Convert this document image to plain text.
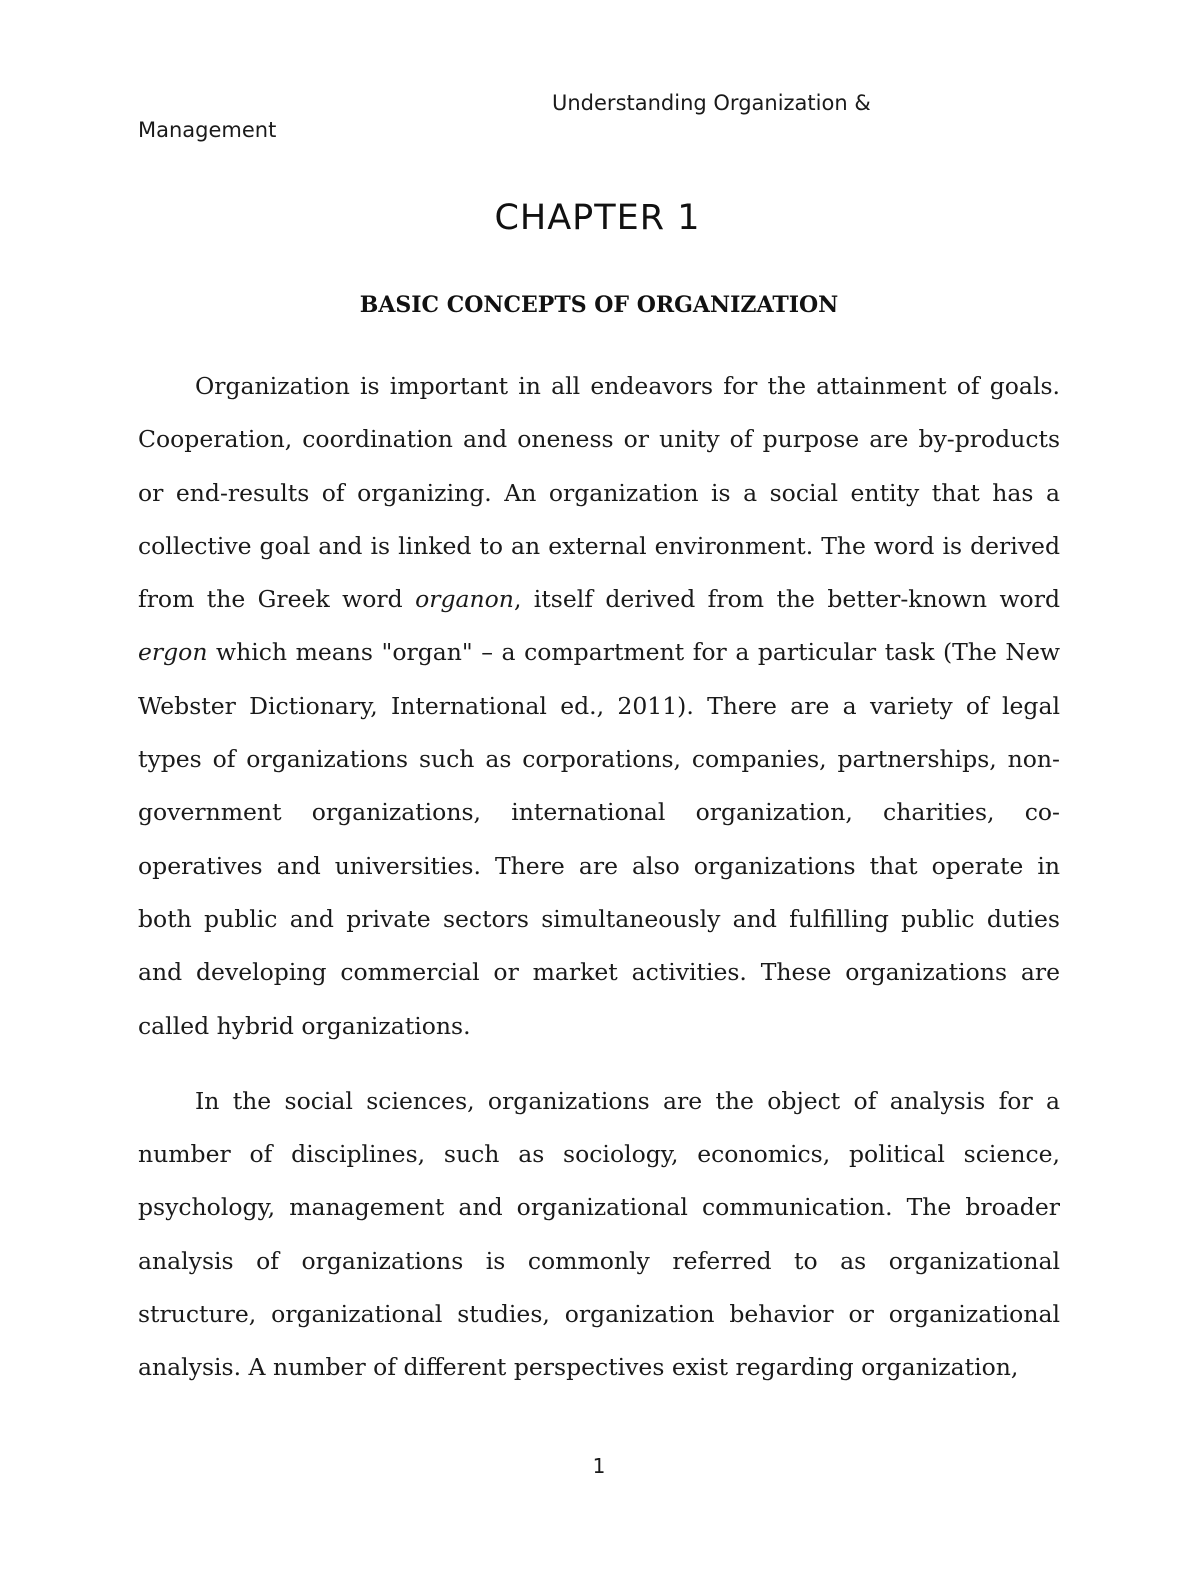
Understanding Organization &
Management
CHAPTER 1
BASIC CONCEPTS OF ORGANIZATION

Organization is important in all endeavors for the attainment of goals. Cooperation, coordination and oneness or unity of purpose are by-products or end-results of organizing. An organization is a social entity that has a collective goal and is linked to an external environment. The word is derived from the Greek word organon, itself derived from the better-known word ergon which means "organ" – a compartment for a particular task (The New Webster Dictionary, International ed., 2011). There are a variety of legal types of organizations such as corporations, companies, partnerships, non-government organizations, international organization, charities, co-operatives and universities. There are also organizations that operate in both public and private sectors simultaneously and fulfilling public duties and developing commercial or market activities. These organizations are called hybrid organizations.

In the social sciences, organizations are the object of analysis for a number of disciplines, such as sociology, economics, political science, psychology, management and organizational communication. The broader analysis of organizations is commonly referred to as organizational structure, organizational studies, organization behavior or organizational analysis. A number of different perspectives exist regarding organization,

1
